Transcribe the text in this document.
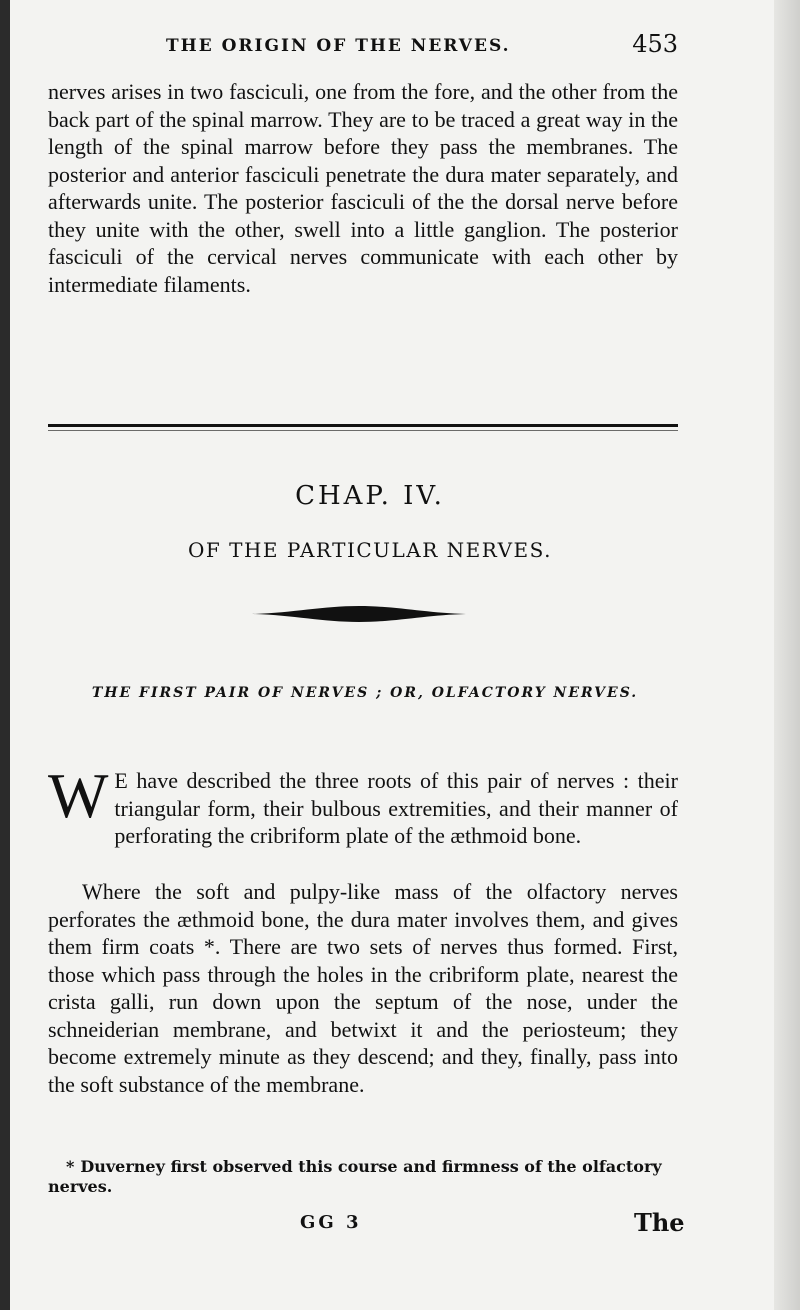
THE ORIGIN OF THE NERVES.	453

nerves arises in two fasciculi, one from the fore, and the other from the back part of the spinal marrow. They are to be traced a great way in the length of the spinal marrow before they pass the membranes. The posterior and anterior fasciculi penetrate the dura mater separately, and afterwards unite. The posterior fasciculi of the the dorsal nerve before they unite with the other, swell into a little ganglion. The posterior fasciculi of the cervical nerves communicate with each other by intermediate filaments.

CHAP. IV.
OF THE PARTICULAR NERVES.
THE FIRST PAIR OF NERVES ; OR, OLFACTORY NERVES.

W E have described the three roots of this pair of nerves : their triangular form, their bulbous extremities, and their manner of perforating the cribriform plate of the æthmoid bone.

Where the soft and pulpy-like mass of the olfactory nerves perforates the æthmoid bone, the dura mater involves them, and gives them firm coats *. There are two sets of nerves thus formed. First, those which pass through the holes in the cribriform plate, nearest the crista galli, run down upon the septum of the nose, under the schneiderian membrane, and betwixt it and the periosteum; they become extremely minute as they descend; and they, finally, pass into the soft substance of the membrane.

* Duverney first observed this course and firmness of the olfactory nerves.
GG 3	The
